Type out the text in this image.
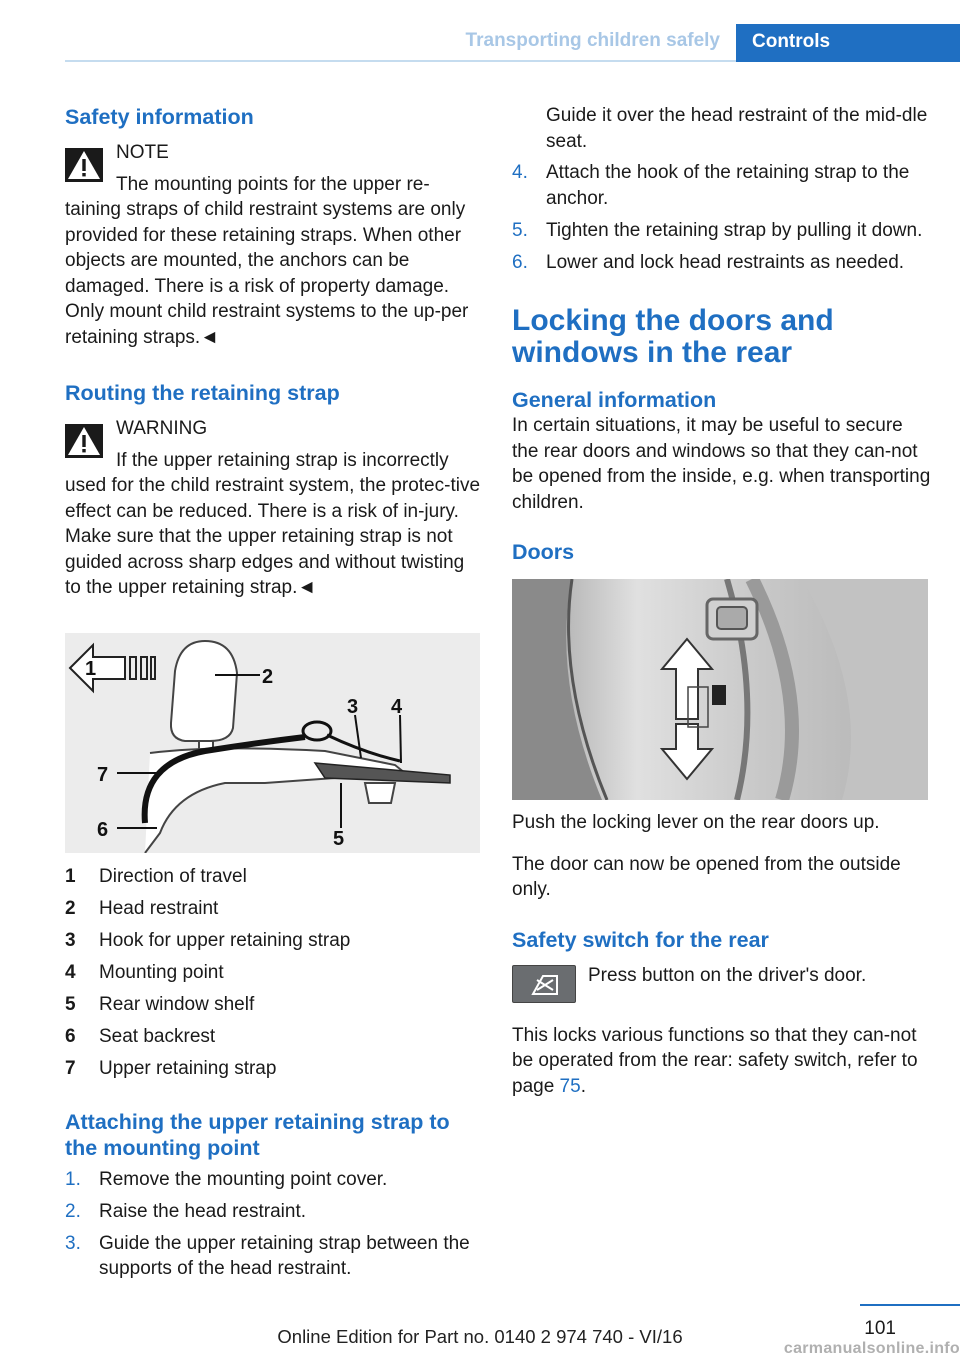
Transporting children safely	Controls
Safety information
NOTE
The mounting points for the upper re-
taining straps of child restraint systems are only provided for these retaining straps. When other objects are mounted, the anchors can be damaged. There is a risk of property damage. Only mount child restraint systems to the up-per retaining straps.◄
Routing the retaining strap
WARNING
If the upper retaining strap is incorrectly
used for the child restraint system, the protec-tive effect can be reduced. There is a risk of in-jury. Make sure that the upper retaining strap is not guided across sharp edges and without twisting to the upper retaining strap.◄
1	2
3 4
5
6
7
1	Direction of travel
2	Head restraint
3	Hook for upper retaining strap
4	Mounting point
5	Rear window shelf
6	Seat backrest
7	Upper retaining strap
Attaching the upper retaining strap to the mounting point
1. Remove the mounting point cover.
2. Raise the head restraint.
3. Guide the upper retaining strap between the supports of the head restraint.

Guide it over the head restraint of the mid-dle seat.

4. Attach the hook of the retaining strap to the anchor.
5. Tighten the retaining strap by pulling it down.
6. Lower and lock head restraints as needed.
Locking the doors and windows in the rear
General information

In certain situations, it may be useful to secure the rear doors and windows so that they can-not be opened from the inside, e.g. when transporting children.

Doors

Push the locking lever on the rear doors up.

The door can now be opened from the outside only.

Safety switch for the rear

Press button on the driver's door.

This locks various functions so that they can-not be operated from the rear: safety switch, refer to page 75.

101
Online Edition for Part no. 0140 2 974 740 - VI/16
carmanualsonline.info
